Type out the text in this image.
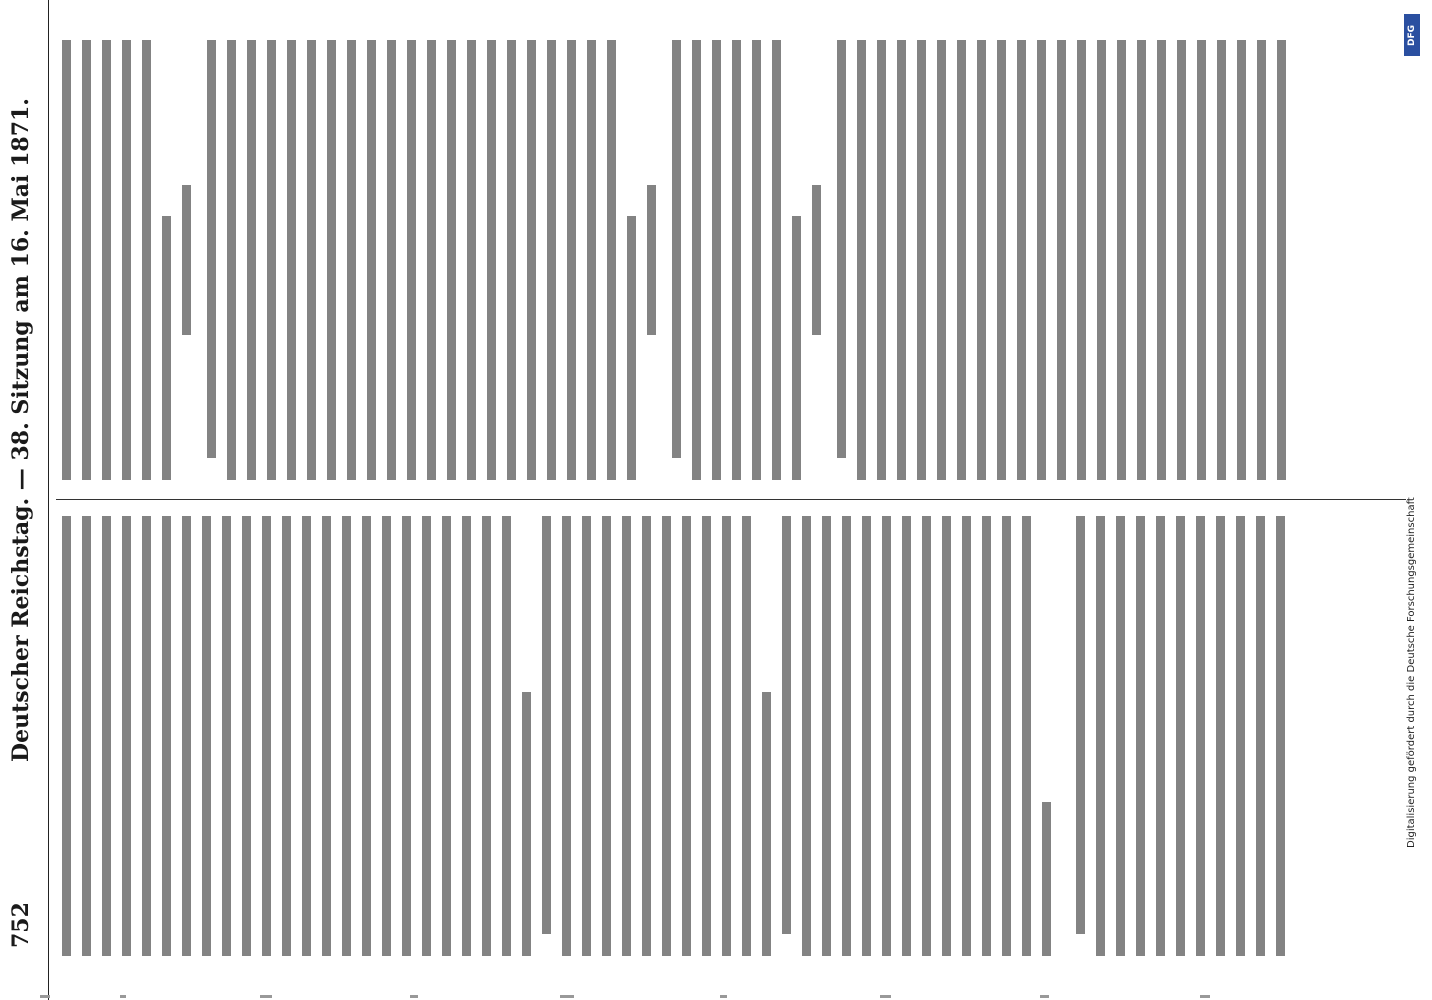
DFG
Digitalisierung gefördert durch die Deutsche Forschungsgemeinschaft
752
Deutscher Reichstag. — 38. Sitzung am 16. Mai 1871.
